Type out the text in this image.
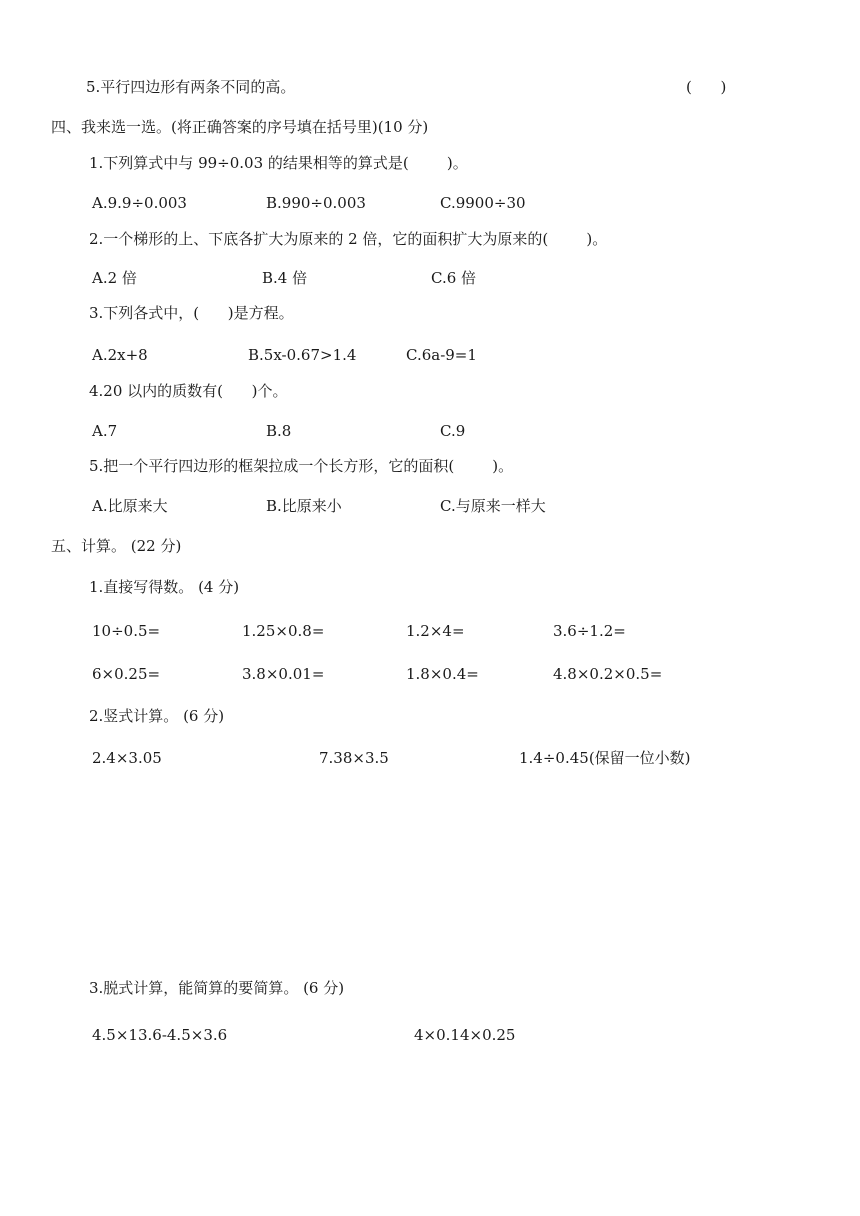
5.平行四边形有两条不同的高。	(      )
四、我来选一选。(将正确答案的序号填在括号里)(10 分)
1.下列算式中与 99÷0.03 的结果相等的算式是(        )。
A.9.9÷0.003	B.990÷0.003	C.9900÷30
2.一个梯形的上、下底各扩大为原来的 2 倍，它的面积扩大为原来的(        )。
A.2 倍	B.4 倍	C.6 倍
3.下列各式中，(      )是方程。
A.2x+8	B.5x-0.67>1.4	C.6a-9=1
4.20 以内的质数有(      )个。
A.7	B.8	C.9
5.把一个平行四边形的框架拉成一个长方形，它的面积(        )。
A.比原来大	B.比原来小	C.与原来一样大
五、计算。 (22 分)
1.直接写得数。 (4 分)
10÷0.5=	1.25×0.8=	1.2×4=	3.6÷1.2=
6×0.25=	3.8×0.01=	1.8×0.4=	4.8×0.2×0.5=
2.竖式计算。 (6 分)
2.4×3.05	7.38×3.5	1.4÷0.45(保留一位小数)
3.脱式计算，能简算的要简算。 (6 分)
4.5×13.6-4.5×3.6	4×0.14×0.25
